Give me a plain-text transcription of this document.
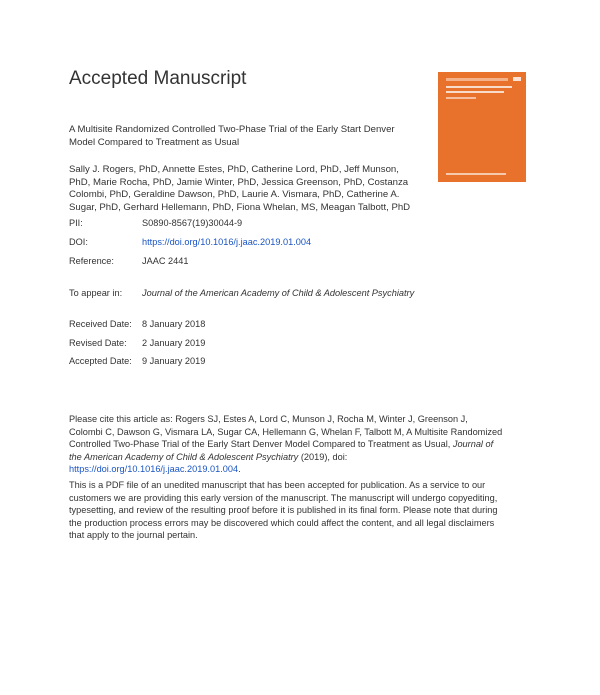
Accepted Manuscript
A Multisite Randomized Controlled Two-Phase Trial of the Early Start Denver Model Compared to Treatment as Usual
Sally J. Rogers, PhD, Annette Estes, PhD, Catherine Lord, PhD, Jeff Munson, PhD, Marie Rocha, PhD, Jamie Winter, PhD, Jessica Greenson, PhD, Costanza Colombi, PhD, Geraldine Dawson, PhD, Laurie A. Vismara, PhD, Catherine A. Sugar, PhD, Gerhard Hellemann, PhD, Fiona Whelan, MS, Meagan Talbott, PhD
PII:	S0890-8567(19)30044-9
DOI:	https://doi.org/10.1016/j.jaac.2019.01.004
Reference:	JAAC 2441
To appear in: Journal of the American Academy of Child & Adolescent Psychiatry
Received Date: 8 January 2018
Revised Date: 2 January 2019
Accepted Date: 9 January 2019
Please cite this article as: Rogers SJ, Estes A, Lord C, Munson J, Rocha M, Winter J, Greenson J, Colombi C, Dawson G, Vismara LA, Sugar CA, Hellemann G, Whelan F, Talbott M, A Multisite Randomized Controlled Two-Phase Trial of the Early Start Denver Model Compared to Treatment as Usual, Journal of the American Academy of Child & Adolescent Psychiatry (2019), doi: https://doi.org/10.1016/j.jaac.2019.01.004.
This is a PDF file of an unedited manuscript that has been accepted for publication. As a service to our customers we are providing this early version of the manuscript. The manuscript will undergo copyediting, typesetting, and review of the resulting proof before it is published in its final form. Please note that during the production process errors may be discovered which could affect the content, and all legal disclaimers that apply to the journal pertain.
